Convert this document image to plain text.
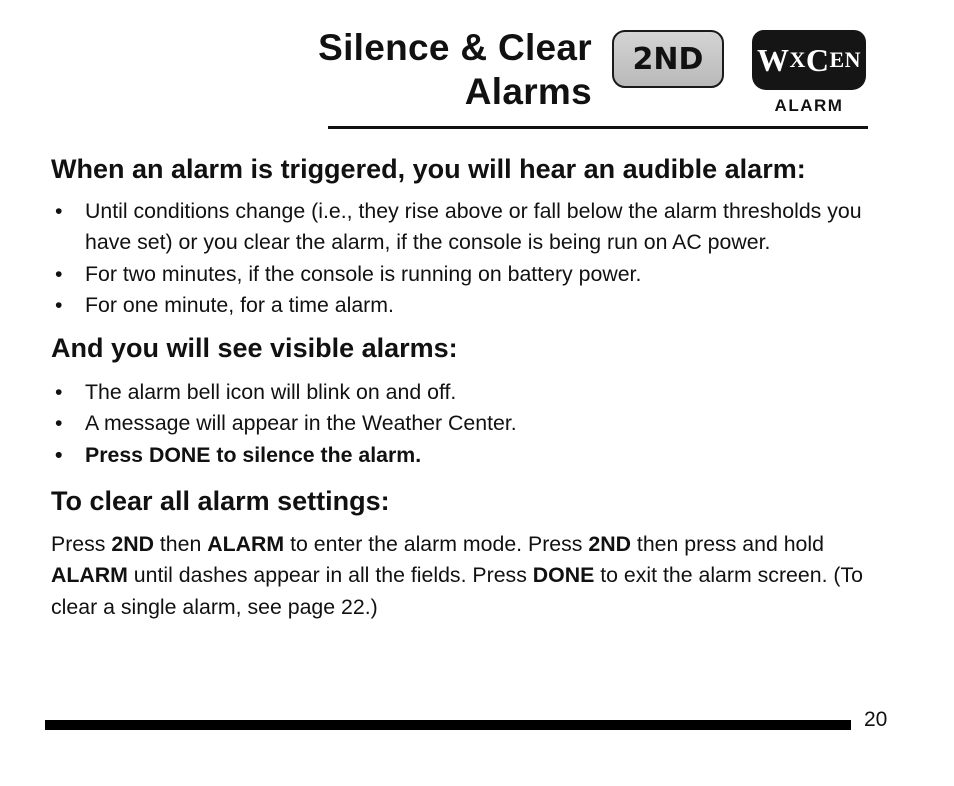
Silence & Clear
Alarms
2ND W X C EN
ALARM
When an alarm is triggered, you will hear an audible alarm:
• Until conditions change (i.e., they rise above or fall below the alarm thresholds you have set) or you clear the alarm, if the console is being run on AC power.
• For two minutes, if the console is running on battery power.
• For one minute, for a time alarm.
And you will see visible alarms:
• The alarm bell icon will blink on and off.
• A message will appear in the Weather Center.
• Press DONE to silence the alarm.
To clear all alarm settings:

Press 2ND then ALARM to enter the alarm mode. Press 2ND then press and hold ALARM until dashes appear in all the fields. Press DONE to exit the alarm screen. (To clear a single alarm, see page 22.)

20
